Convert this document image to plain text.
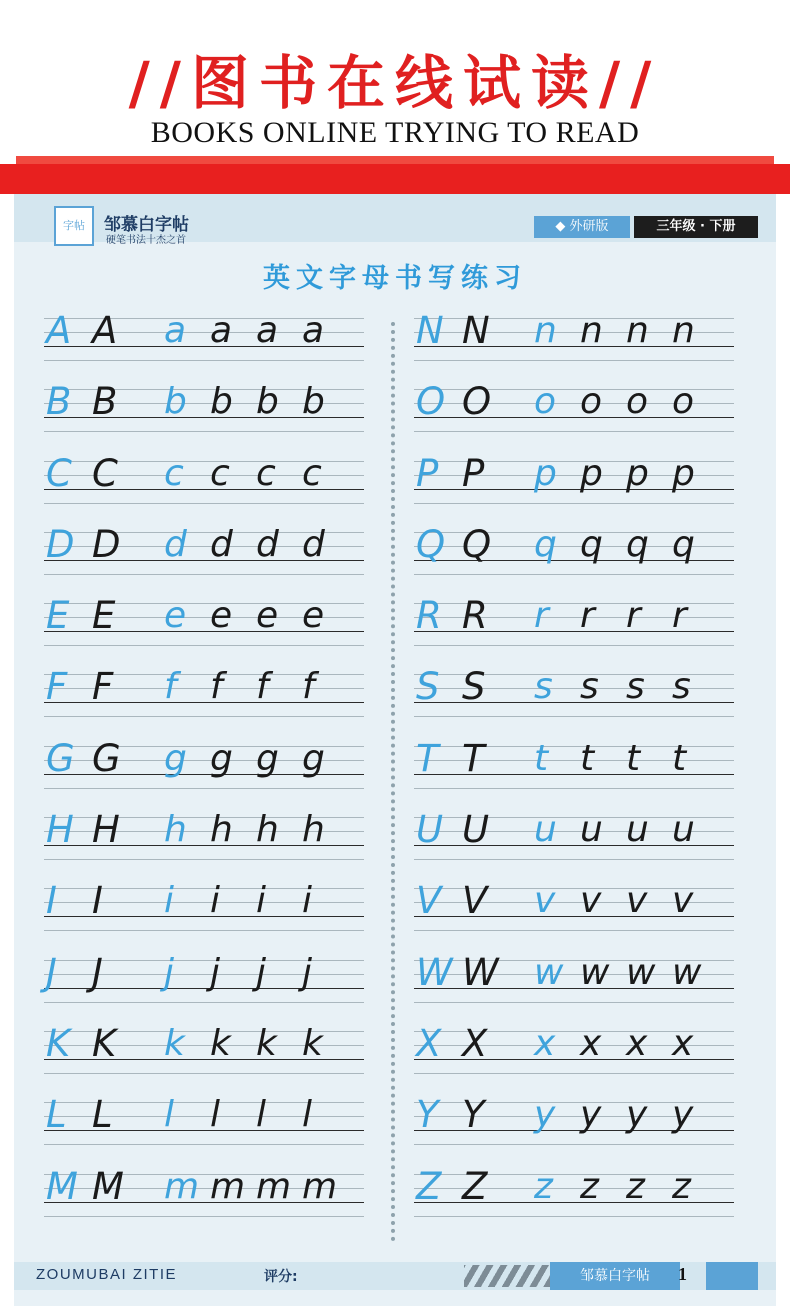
//图书在线试读//
BOOKS ONLINE TRYING TO READ
字帖	邹慕白字帖
硬笔书法十杰之首
◆ 外研版	三年级 · 下册
英文字母书写练习
A A a a a a
B B b b b b
C C c c c c
D D d d d d
E E e e e e
F F f f f f
G G g g g g
H H h h h h
I I i i i i
J J j j j j
K K k k k k
L L l l l l
M M m m m m
N N n n n n
O O o o o o
P P p p p p
Q Q q q q q
R R r r r r
S S s s s s
T T t t t t
U U u u u u
V V v v v v
W W w w w w
X X x x x x
Y Y y y y y
Z Z z z z z
ZOUMUBAI ZITIE	评分:	邹慕白字帖	1
